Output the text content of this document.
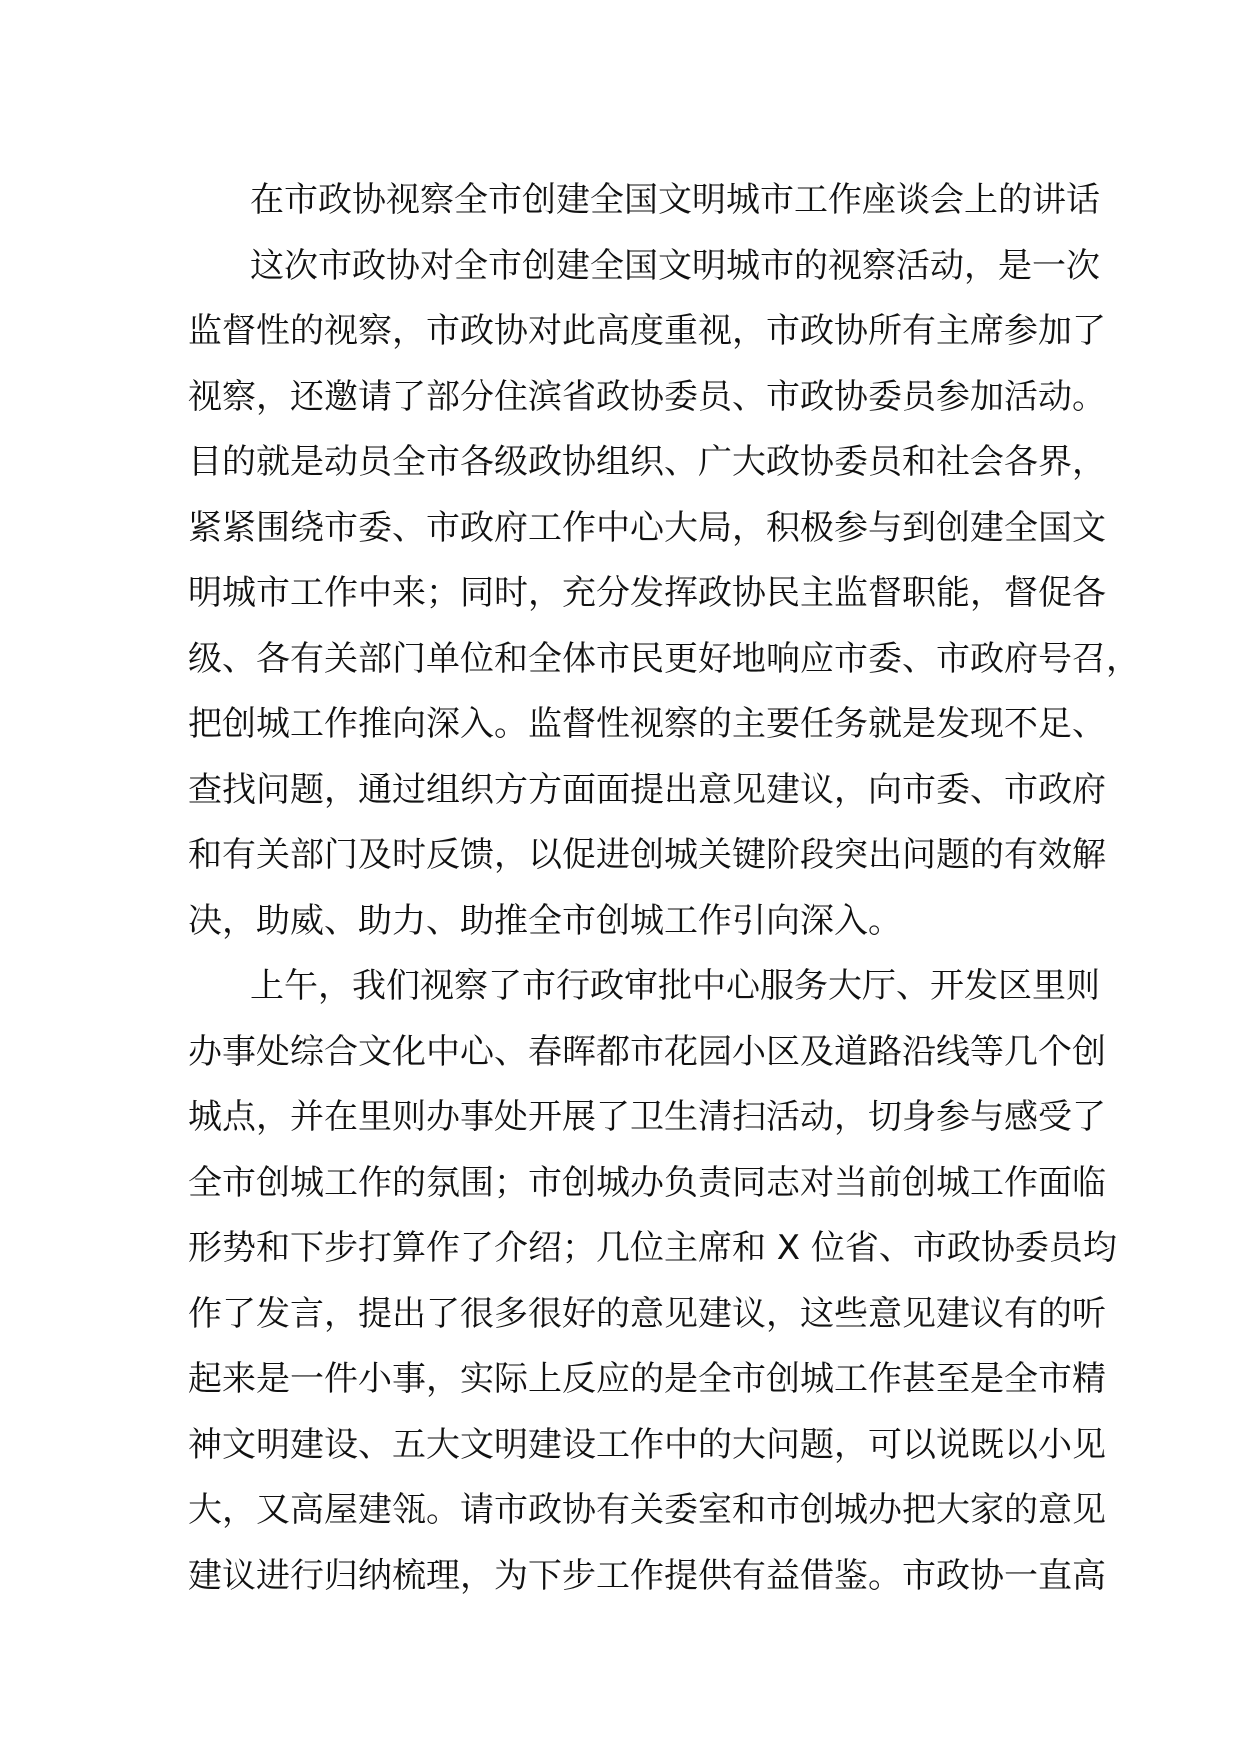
在市政协视察全市创建全国文明城市工作座谈会上的讲话
这次市政协对全市创建全国文明城市的视察活动，是一次
监督性的视察，市政协对此高度重视，市政协所有主席参加了
视察，还邀请了部分住滨省政协委员、市政协委员参加活动。
目的就是动员全市各级政协组织、广大政协委员和社会各界，
紧紧围绕市委、市政府工作中心大局，积极参与到创建全国文
明城市工作中来；同时，充分发挥政协民主监督职能，督促各
级、各有关部门单位和全体市民更好地响应市委、市政府号召，
把创城工作推向深入。监督性视察的主要任务就是发现不足、
查找问题，通过组织方方面面提出意见建议，向市委、市政府
和有关部门及时反馈，以促进创城关键阶段突出问题的有效解
决，助威、助力、助推全市创城工作引向深入。
上午，我们视察了市行政审批中心服务大厅、开发区里则
办事处综合文化中心、春晖都市花园小区及道路沿线等几个创
城点，并在里则办事处开展了卫生清扫活动，切身参与感受了
全市创城工作的氛围；市创城办负责同志对当前创城工作面临
形势和下步打算作了介绍；几位主席和 X 位省、市政协委员均
作了发言，提出了很多很好的意见建议，这些意见建议有的听
起来是一件小事，实际上反应的是全市创城工作甚至是全市精
神文明建设、五大文明建设工作中的大问题，可以说既以小见
大，又高屋建瓴。请市政协有关委室和市创城办把大家的意见
建议进行归纳梳理，为下步工作提供有益借鉴。市政协一直高
